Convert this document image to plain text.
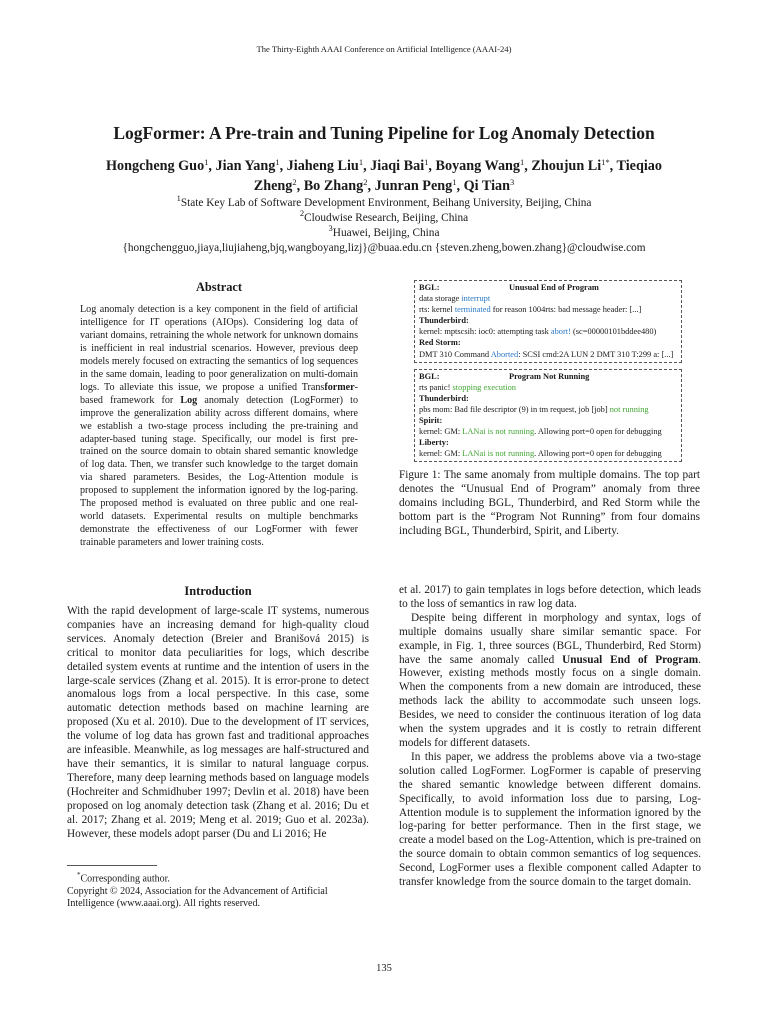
The Thirty-Eighth AAAI Conference on Artificial Intelligence (AAAI-24)
LogFormer: A Pre-train and Tuning Pipeline for Log Anomaly Detection
Hongcheng Guo$^1$, Jian Yang$^1$, Jiaheng Liu$^1$, Jiaqi Bai$^1$, Boyang Wang$^1$, Zhoujun $Li^{1*}$, Tieqiao Zheng$^2$, Bo Zhang$^2$, Junran Peng$^1$, Qi Tian$^3$
$^1$State Key Lab of Software Development Environment, Beihang University, Beijing, China
$^2$Cloudwise Research, Beijing, China
$^3$Huawei, Beijing, China
{hongchengguo,jiaya,liujiaheng,bjq,wangboyang,lizj}@buaa.edu.cn {steven.zheng,bowen.zhang}@cloudwise.com
Abstract
Log anomaly detection is a key component in the field of artificial intelligence for IT operations (AIOps). Considering log data of variant domains, retraining the whole network for unknown domains is inefficient in real industrial scenarios. However, previous deep models merely focused on extracting the semantics of log sequences in the same domain, leading to poor generalization on multi-domain logs. To alleviate this issue, we propose a unified Transformer-based framework for Log anomaly detection (LogFormer) to improve the generalization ability across different domains, where we establish a two-stage process including the pre-training and adapter-based tuning stage. Specifically, our model is first pre-trained on the source domain to obtain shared semantic knowledge of log data. Then, we transfer such knowledge to the target domain via shared parameters. Besides, the Log-Attention module is proposed to supplement the information ignored by the log-paring. The proposed method is evaluated on three public and one real-world datasets. Experimental results on multiple benchmarks demonstrate the effectiveness of our LogFormer with fewer trainable parameters and lower training costs.
BGL:	Unusual End of Program
data storage interrupt
rts: kernel terminated for reason 1004rts: bad message header: [...]
Thunderbird:
kernel: mptscsih: ioc0: attempting task abort! (sc=00000101bddee480)
Red Storm:
DMT 310 Command Aborted: SCSI cmd:2A LUN 2 DMT 310 T:299 a: [...]
BGL:	Program Not Running
rts panic! stopping execution
Thunderbird:
pbs mom: Bad file descriptor (9) in tm request, job [job] not running
Spirit:
kernel: GM: LANai is not running. Allowing port=0 open for debugging
Liberty:
kernel: GM: LANai is not running. Allowing port=0 open for debugging
Figure 1: The same anomaly from multiple domains. The top part denotes the “Unusual End of Program” anomaly from three domains including BGL, Thunderbird, and Red Storm while the bottom part is the “Program Not Running” from four domains including BGL, Thunderbird, Spirit, and Liberty.
Introduction

With the rapid development of large-scale IT systems, numerous companies have an increasing demand for high-quality cloud services. Anomaly detection (Breier and Branišová 2015) is critical to monitor data peculiarities for logs, which describe detailed system events at runtime and the intention of users in the large-scale services (Zhang et al. 2015). It is error-prone to detect anomalous logs from a local perspective. In this case, some automatic detection methods based on machine learning are proposed (Xu et al. 2010). Due to the development of IT services, the volume of log data has grown fast and traditional approaches are infeasible. Meanwhile, as log messages are half-structured and have their semantics, it is similar to natural language corpus. Therefore, many deep learning methods based on language models (Hochreiter and Schmidhuber 1997; Devlin et al. 2018) have been proposed on log anomaly detection task (Zhang et al. 2016; Du et al. 2017; Zhang et al. 2019; Meng et al. 2019; Guo et al. 2023a). However, these models adopt parser (Du and Li 2016; He

et al. 2017) to gain templates in logs before detection, which leads to the loss of semantics in raw log data.

Despite being different in morphology and syntax, logs of multiple domains usually share similar semantic space. For example, in Fig. 1, three sources (BGL, Thunderbird, Red Storm) have the same anomaly called Unusual End of Program. However, existing methods mostly focus on a single domain. When the components from a new domain are introduced, these methods lack the ability to accommodate such unseen logs. Besides, we need to consider the continuous iteration of log data when the system upgrades and it is costly to retrain different models for different datasets.

In this paper, we address the problems above via a two-stage solution called LogFormer. LogFormer is capable of preserving the shared semantic knowledge between different domains. Specifically, to avoid information loss due to parsing, Log-Attention module is to supplement the information ignored by the log-paring for better performance. Then in the first stage, we create a model based on the Log-Attention, which is pre-trained on the source domain to obtain common semantics of log sequences. Second, LogFormer uses a flexible component called Adapter to transfer knowledge from the source domain to the target domain.

*Corresponding author.
Copyright © 2024, Association for the Advancement of Artificial Intelligence (www.aaai.org). All rights reserved.
135
